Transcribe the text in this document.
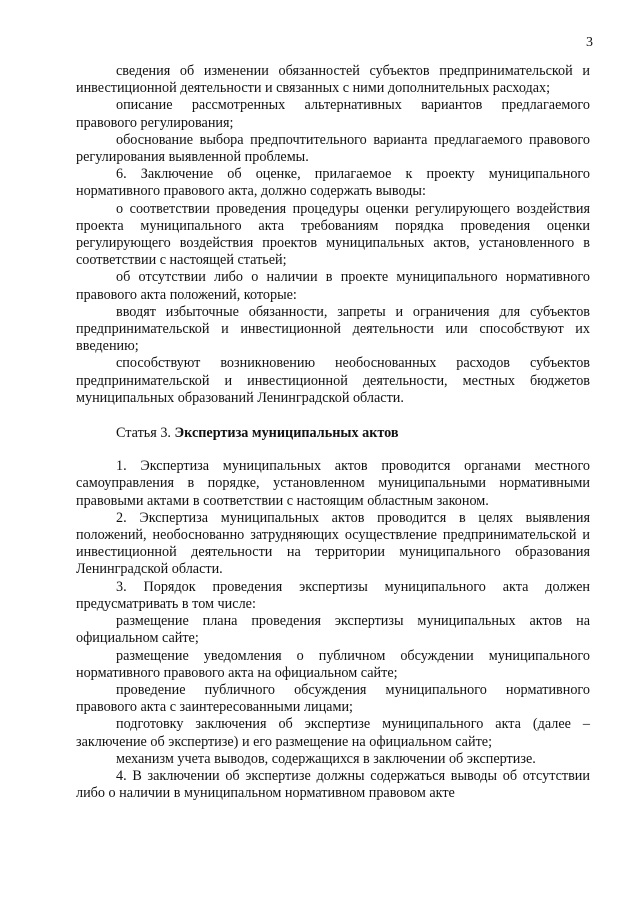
3

сведения об изменении обязанностей субъектов предпринимательской и инвестиционной деятельности и связанных с ними дополнительных расходах;

описание рассмотренных альтернативных вариантов предлагаемого правового регулирования;

обоснование выбора предпочтительного варианта предлагаемого правового регулирования выявленной проблемы.

6. Заключение об оценке, прилагаемое к проекту муниципального нормативного правового акта, должно содержать выводы:

о соответствии проведения процедуры оценки регулирующего воздействия проекта муниципального акта требованиям порядка проведения оценки регулирующего воздействия проектов муниципальных актов, установленного в соответствии с настоящей статьей;

об отсутствии либо о наличии в проекте муниципального нормативного правового акта положений, которые:

вводят избыточные обязанности, запреты и ограничения для субъектов предпринимательской и инвестиционной деятельности или способствуют их введению;

способствуют возникновению необоснованных расходов субъектов предпринимательской и инвестиционной деятельности, местных бюджетов муниципальных образований Ленинградской области.

Статья 3. Экспертиза муниципальных актов

1. Экспертиза муниципальных актов проводится органами местного самоуправления в порядке, установленном муниципальными нормативными правовыми актами в соответствии с настоящим областным законом.

2. Экспертиза муниципальных актов проводится в целях выявления положений, необоснованно затрудняющих осуществление предпринимательской и инвестиционной деятельности на территории муниципального образования Ленинградской области.

3. Порядок проведения экспертизы муниципального акта должен предусматривать в том числе:

размещение плана проведения экспертизы муниципальных актов на официальном сайте;

размещение уведомления о публичном обсуждении муниципального нормативного правового акта на официальном сайте;

проведение публичного обсуждения муниципального нормативного правового акта с заинтересованными лицами;

подготовку заключения об экспертизе муниципального акта (далее – заключение об экспертизе) и его размещение на официальном сайте;

механизм учета выводов, содержащихся в заключении об экспертизе.

4. В заключении об экспертизе должны содержаться выводы об отсутствии либо о наличии в муниципальном нормативном правовом акте
